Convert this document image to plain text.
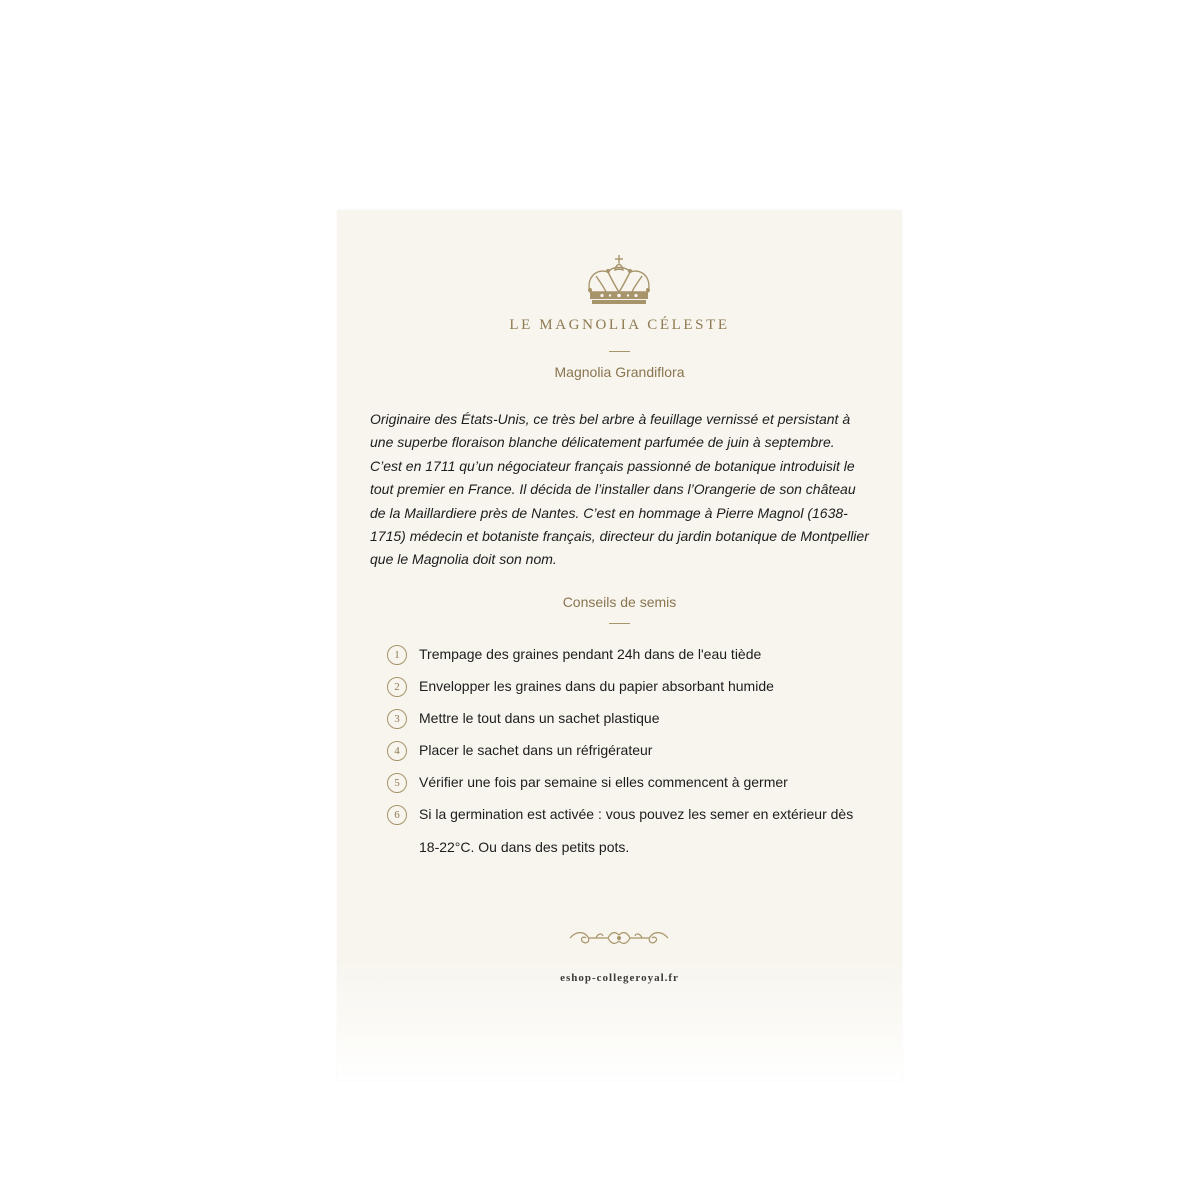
LE MAGNOLIA CÉLESTE
Magnolia Grandiflora

Originaire des États-Unis, ce très bel arbre à feuillage vernissé et persistant à une superbe floraison blanche délicatement parfumée de juin à septembre. C’est en 1711 qu’un négociateur français passionné de botanique introduisit le tout premier en France. Il décida de l’installer dans l’Orangerie de son château de la Maillardiere près de Nantes. C’est en hommage à Pierre Magnol (1638-1715) médecin et botaniste français, directeur du jardin botanique de Montpellier que le Magnolia doit son nom.

Conseils de semis
1	Trempage des graines pendant 24h dans de l'eau tiède
2	Envelopper les graines dans du papier absorbant humide
3	Mettre le tout dans un sachet plastique
4	Placer le sachet dans un réfrigérateur
5	Vérifier une fois par semaine si elles commencent à germer
6	Si la germination est activée : vous pouvez les semer en extérieur dès 18-22°C. Ou dans des petits pots.
eshop-collegeroyal.fr
